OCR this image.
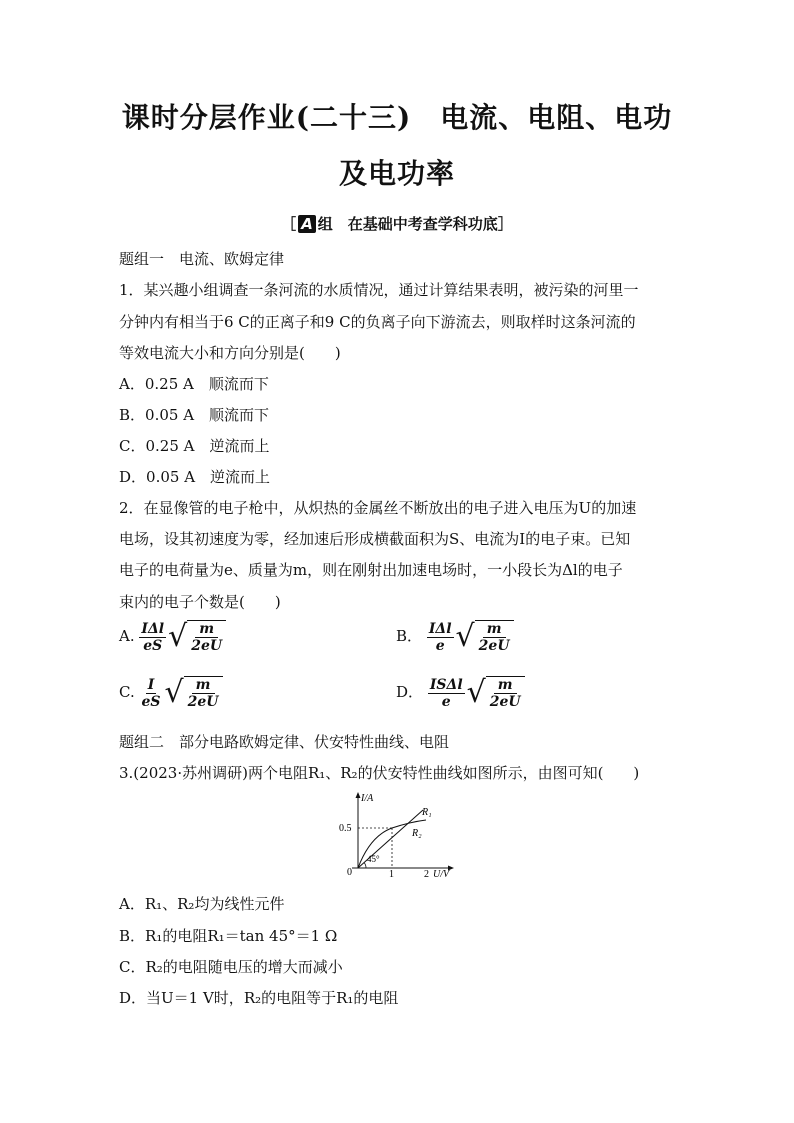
课时分层作业(二十三)　电流、电阻、电功
及电功率
［ A 组　在基础中考查学科功底］
题组一　电流、欧姆定律
1．某兴趣小组调查一条河流的水质情况，通过计算结果表明，被污染的河里一
分钟内有相当于6 C的正离子和9 C的负离子向下游流去，则取样时这条河流的
等效电流大小和方向分别是(　　)
A．0.25 A　顺流而下
B．0.05 A　顺流而下
C．0.25 A　逆流而上
D．0.05 A　逆流而上
2．在显像管的电子枪中，从炽热的金属丝不断放出的电子进入电压为U的加速
电场，设其初速度为零，经加速后形成横截面积为S、电流为I的电子束。已知
电子的电荷量为e、质量为m，则在刚射出加速电场时，一小段长为Δl的电子
束内的电子个数是(　　)
A. $\frac{\text{IΔl}}{eS}$ √ $\frac{m}{2eU}$	B． $\frac{\text{IΔl}}{e}$ √ $\frac{m}{2eU}$
C. $\frac{I}{eS}$ √ $\frac{m}{2eU}$	D． $\frac{\text{ISΔl}}{e}$ √ $\frac{m}{2eU}$
题组二　部分电路欧姆定律、伏安特性曲线、电阻
3.(2023·苏州调研)两个电阻R₁、R₂的伏安特性曲线如图所示，由图可知(　　)
I/A
U/V
0
0.5
1	2
45°
R₁
R₂
A．R₁、R₂均为线性元件
B．R₁的电阻R₁＝tan 45°＝1 Ω
C．R₂的电阻随电压的增大而减小
D．当U＝1 V时，R₂的电阻等于R₁的电阻
